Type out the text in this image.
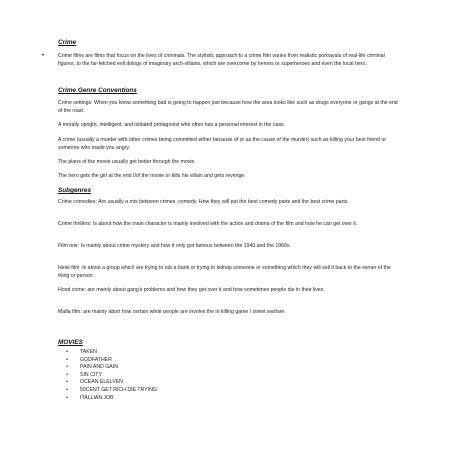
Crime
•	Crime films are films that focus on the lives of criminals. The stylistic approach to a crime film varies from realistic portrayals of real-life criminal figures, to the far-fetched evil doings of imaginary arch-villains, which are overcome by heroes or superheroes and even the local hero.

Crime Genre Conventions

Crime settings: When you know something bad is going to happen just because how the area looks like such as drugs everyone or gangs at the end of the road.

A morally upright, intelligent, and isolated protagonist who often has a personal interest in the case.

A crime (usually a murder with other crimes being committed either because of or as the cause of the murder) such as killing your best friend or someone who made you angry.

The plans of the movie usually get better through the movie.

The hero gets the girl at the end 0of the movie or kills his villain and gets revenge

Subgenres

Crime comedies: Are usually a mix between crimes, comedy. How they will put the best comedy parts and the best crime parts.

Crime thrillers: Is about how the main character is mainly involved with the action and drama of the film and how he can get over it.

Film noir: Is mainly about crime mystery and how it only got famous between the 1940 and the 1960s.

Heist film :Is about a group which are trying to rob a bank or trying to kidnap someone or something which they will sell it back to the owner of the thing or person .

Hood crime: are mainly about gang's problems and how they get over it and how sometimes people die in their lives.

Mafia film: are mainly abort how certain white people are involve the in killing game / street warfare.

MOVIES
• TAKEN
• GODFATHER
• PAIN AND GAIN
• SIN CITY
• OCEAN ELELVEN
• 50CENT GET RICH DIE TRYING
• ITALLIAN JOB
